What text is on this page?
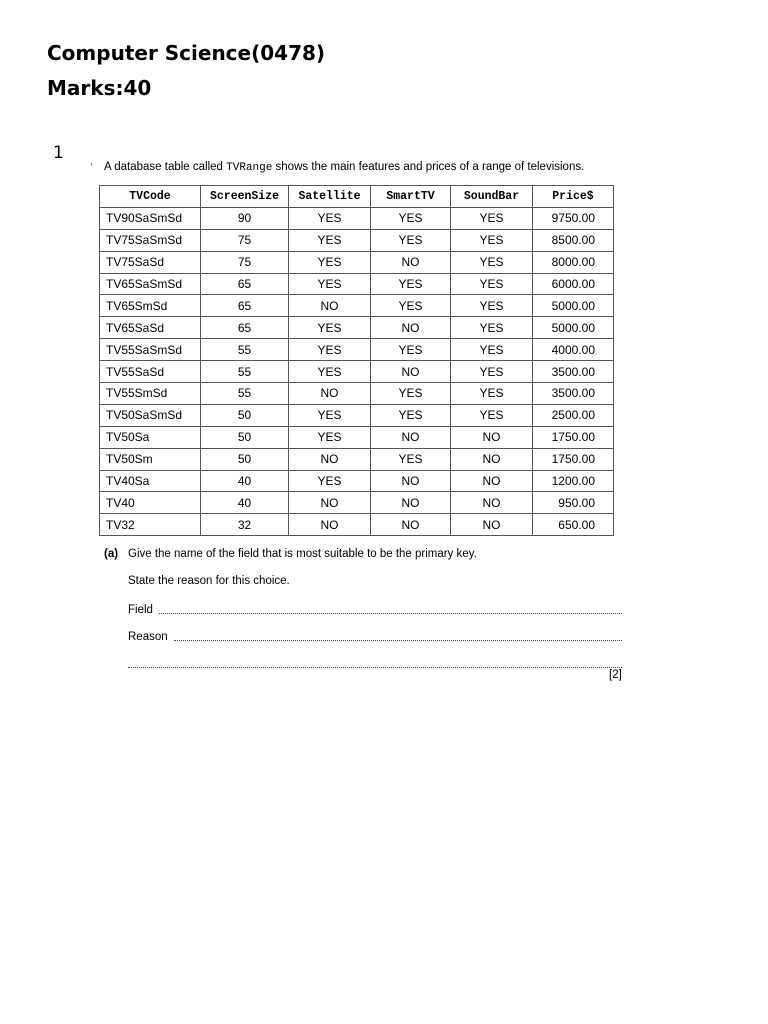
Computer Science(0478)
Marks:40
1
' A database table called TVRange shows the main features and prices of a range of televisions.
TVCode	ScreenSize	Satellite	SmartTV	SoundBar	Price$
TV90SaSmSd	90	YES	YES	YES	9750.00
TV75SaSmSd	75	YES	YES	YES	8500.00
TV75SaSd	75	YES	NO	YES	8000.00
TV65SaSmSd	65	YES	YES	YES	6000.00
TV65SmSd	65	NO	YES	YES	5000.00
TV65SaSd	65	YES	NO	YES	5000.00
TV55SaSmSd	55	YES	YES	YES	4000.00
TV55SaSd	55	YES	NO	YES	3500.00
TV55SmSd	55	NO	YES	YES	3500.00
TV50SaSmSd	50	YES	YES	YES	2500.00
TV50Sa	50	YES	NO	NO	1750.00
TV50Sm	50	NO	YES	NO	1750.00
TV40Sa	40	YES	NO	NO	1200.00
TV40	40	NO	NO	NO	950.00
TV32	32	NO	NO	NO	650.00
(a) Give the name of the field that is most suitable to be the primary key.
State the reason for this choice.
Field
Reason
[2]
